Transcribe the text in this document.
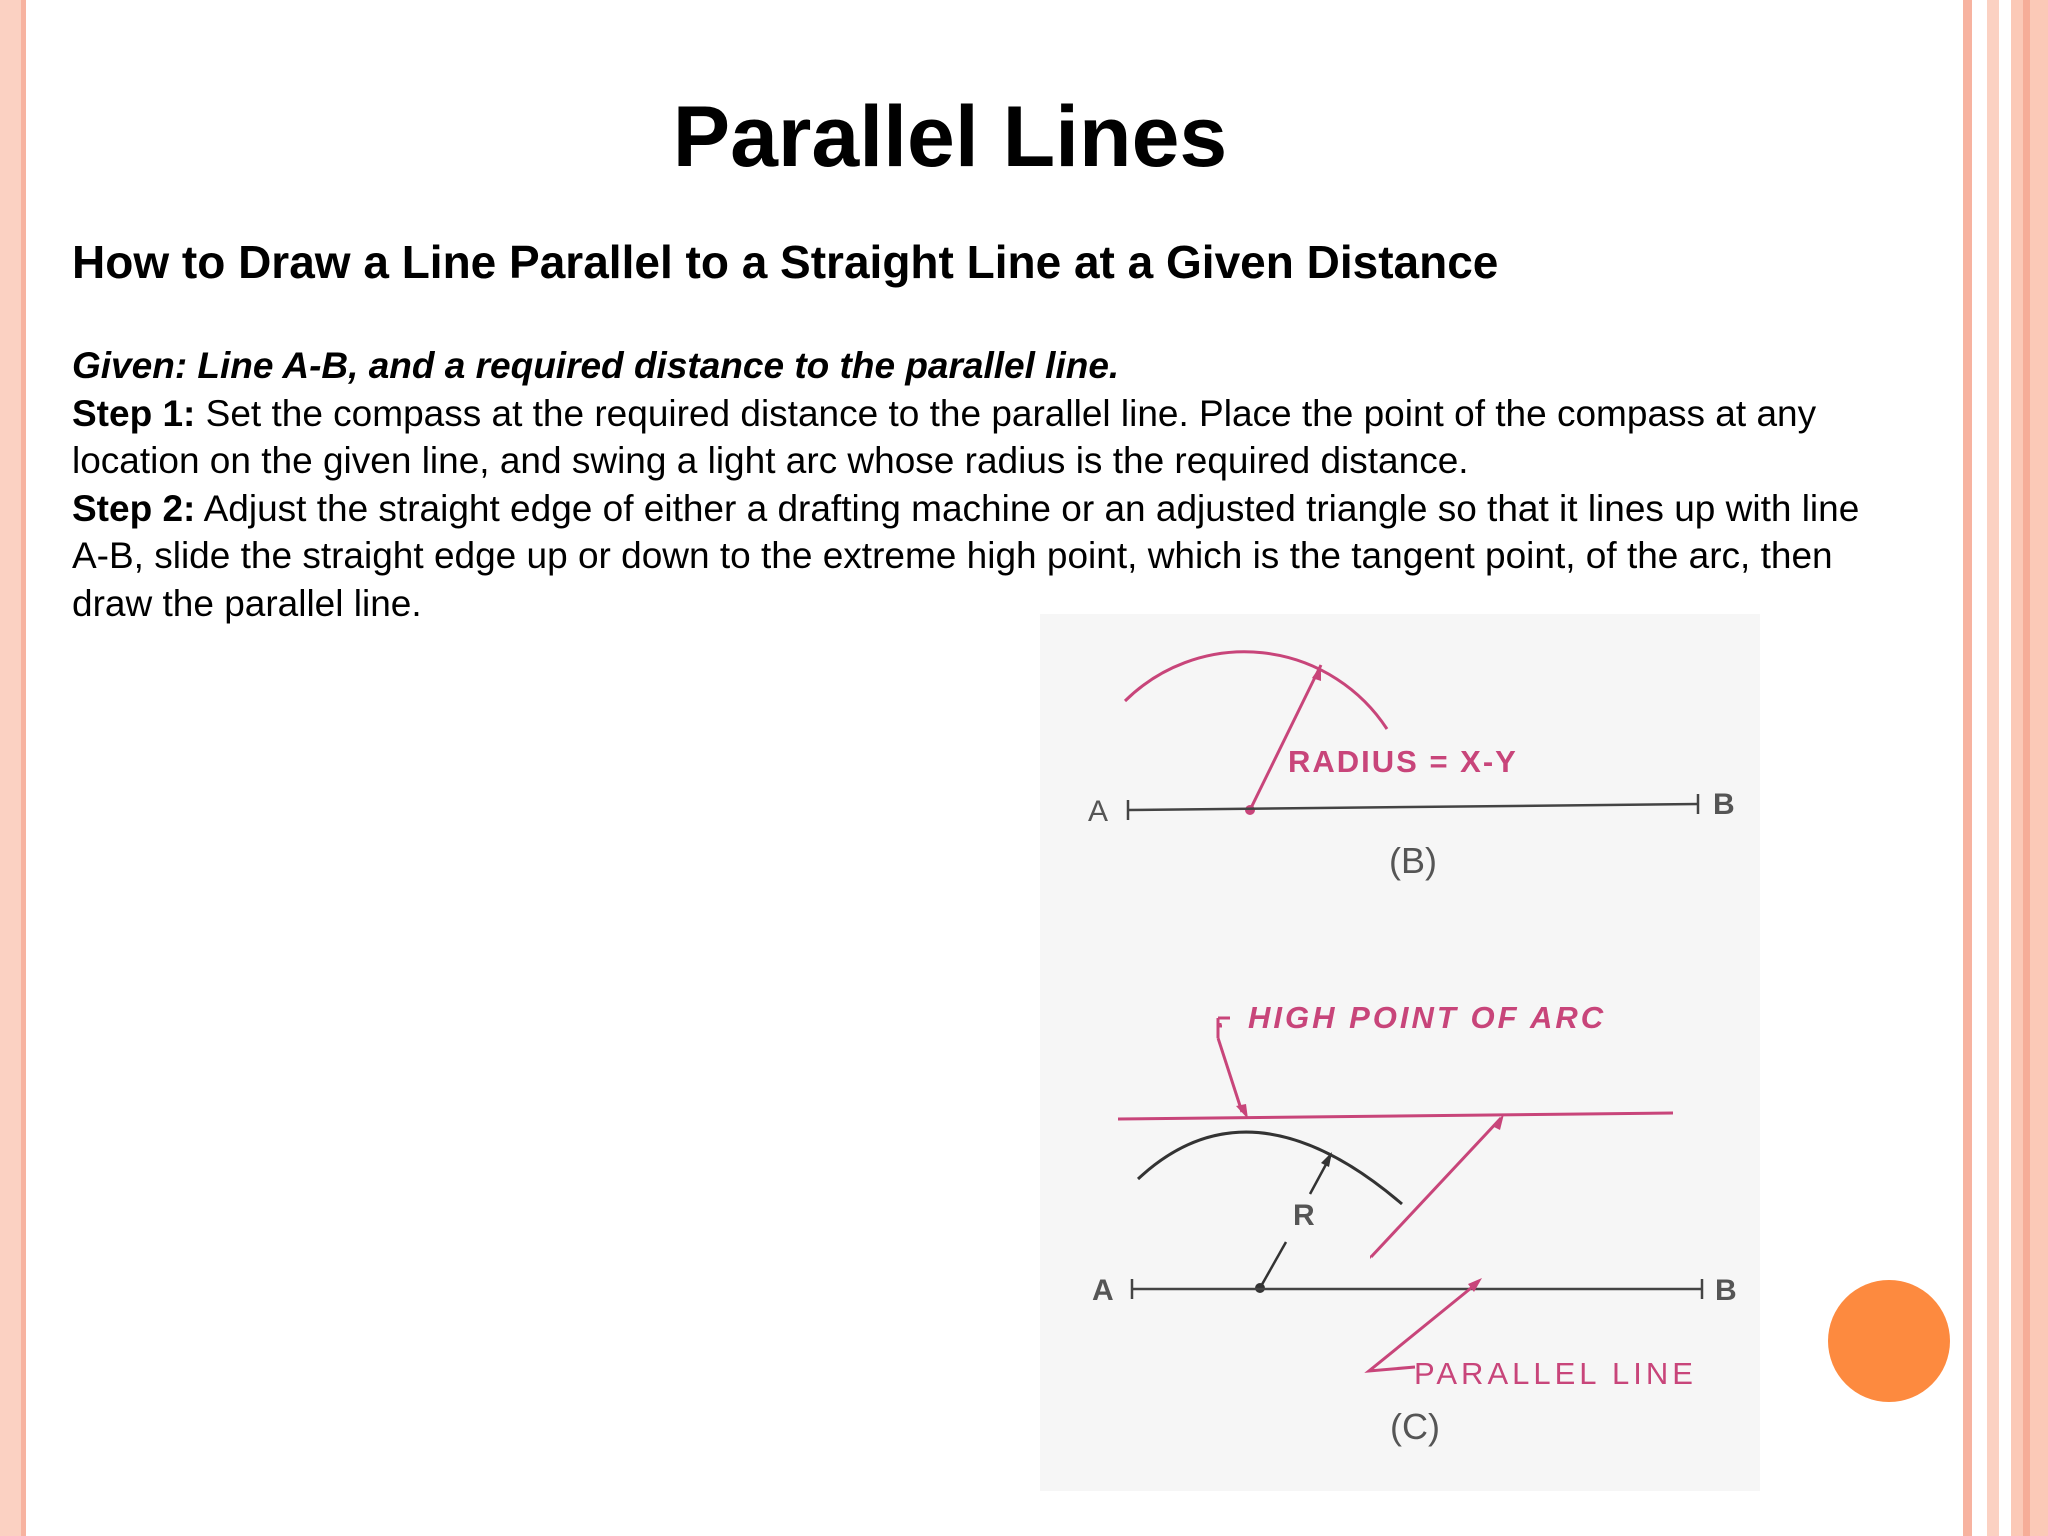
Parallel Lines
How to Draw a Line Parallel to a Straight Line at a Given Distance

Given: Line A-B, and a required distance to the parallel line.

Step 1: Set the compass at the required distance to the parallel line. Place the point of the compass at any location on the given line, and swing a light arc whose radius is the required distance.

Step 2: Adjust the straight edge of either a drafting machine or an adjusted triangle so that it lines up with line A-B, slide the straight edge up or down to the extreme high point, which is the tangent point, of the arc, then draw the parallel line.

A	B
RADIUS = X-Y
(B)
HIGH POINT OF ARC
R
A	B
PARALLEL LINE
(C)
